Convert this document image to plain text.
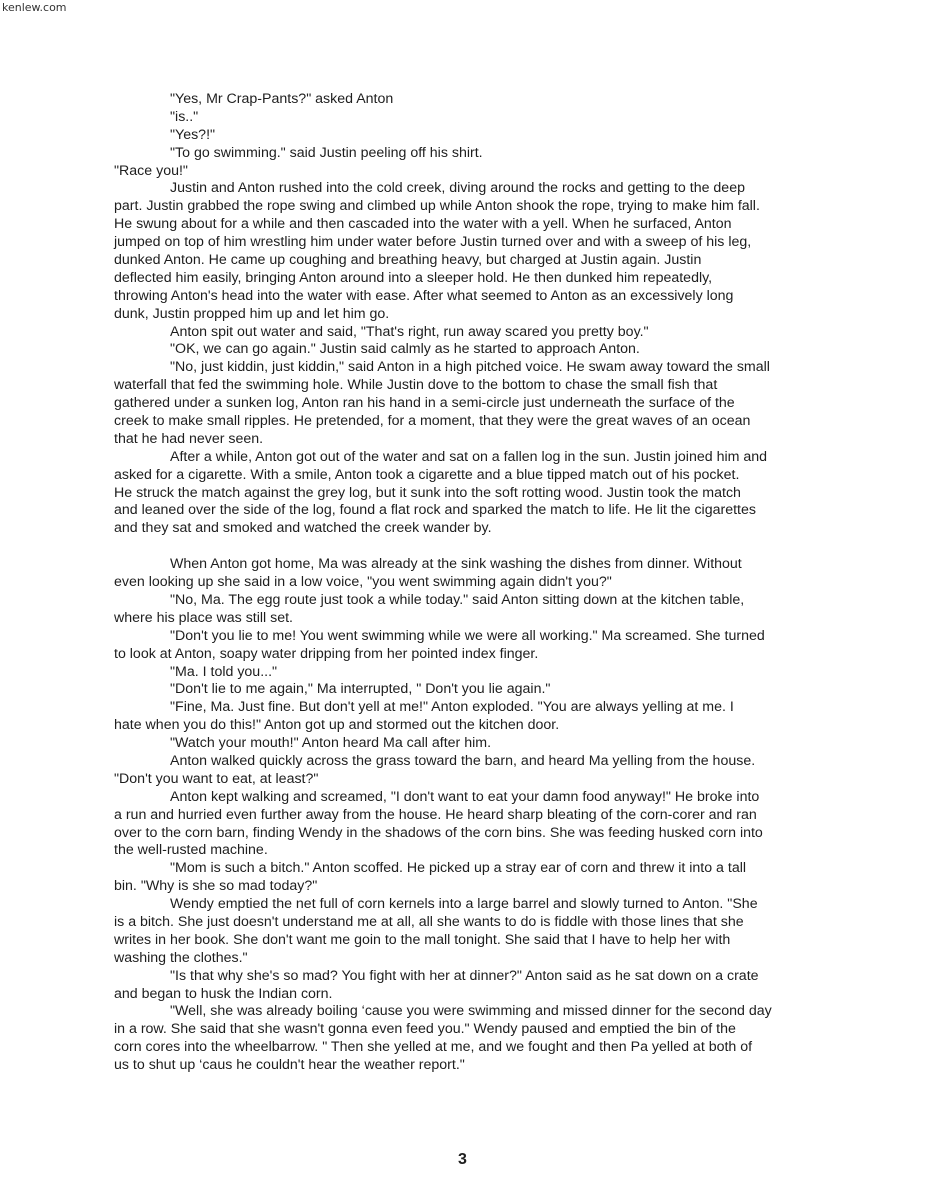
kenlew.com
"Yes, Mr Crap-Pants?" asked Anton
"is.."
"Yes?!"
"To go swimming." said Justin peeling off his shirt.
"Race you!"
Justin and Anton rushed into the cold creek, diving around the rocks and getting to the deep
part. Justin grabbed the rope swing and climbed up while Anton shook the rope, trying to make him fall.
He swung about for a while and then cascaded into the water with a yell. When he surfaced, Anton
jumped on top of him wrestling him under water before Justin turned over and with a sweep of his leg,
dunked Anton. He came up coughing and breathing heavy, but charged at Justin again. Justin
deflected him easily, bringing Anton around into a sleeper hold. He then dunked him repeatedly,
throwing Anton's head into the water with ease. After what seemed to Anton as an excessively long
dunk, Justin propped him up and let him go.
Anton spit out water and said, "That's right, run away scared you pretty boy."
"OK, we can go again." Justin said calmly as he started to approach Anton.
"No, just kiddin, just kiddin," said Anton in a high pitched voice. He swam away toward the small
waterfall that fed the swimming hole. While Justin dove to the bottom to chase the small fish that
gathered under a sunken log, Anton ran his hand in a semi-circle just underneath the surface of the
creek to make small ripples. He pretended, for a moment, that they were the great waves of an ocean
that he had never seen.
After a while, Anton got out of the water and sat on a fallen log in the sun. Justin joined him and
asked for a cigarette. With a smile, Anton took a cigarette and a blue tipped match out of his pocket.
He struck the match against the grey log, but it sunk into the soft rotting wood. Justin took the match
and leaned over the side of the log, found a flat rock and sparked the match to life. He lit the cigarettes
and they sat and smoked and watched the creek wander by.
When Anton got home, Ma was already at the sink washing the dishes from dinner. Without
even looking up she said in a low voice, "you went swimming again didn't you?"
"No, Ma. The egg route just took a while today." said Anton sitting down at the kitchen table,
where his place was still set.
"Don't you lie to me! You went swimming while we were all working." Ma screamed. She turned
to look at Anton, soapy water dripping from her pointed index finger.
"Ma. I told you..."
"Don't lie to me again," Ma interrupted, " Don't you lie again."
"Fine, Ma. Just fine. But don't yell at me!" Anton exploded. "You are always yelling at me. I
hate when you do this!" Anton got up and stormed out the kitchen door.
"Watch your mouth!" Anton heard Ma call after him.
Anton walked quickly across the grass toward the barn, and heard Ma yelling from the house.
"Don't you want to eat, at least?"
Anton kept walking and screamed, "I don't want to eat your damn food anyway!" He broke into
a run and hurried even further away from the house. He heard sharp bleating of the corn-corer and ran
over to the corn barn, finding Wendy in the shadows of the corn bins. She was feeding husked corn into
the well-rusted machine.
"Mom is such a bitch." Anton scoffed. He picked up a stray ear of corn and threw it into a tall
bin. "Why is she so mad today?"
Wendy emptied the net full of corn kernels into a large barrel and slowly turned to Anton. "She
is a bitch. She just doesn't understand me at all, all she wants to do is fiddle with those lines that she
writes in her book. She don't want me goin to the mall tonight. She said that I have to help her with
washing the clothes."
"Is that why she's so mad? You fight with her at dinner?" Anton said as he sat down on a crate
and began to husk the Indian corn.
"Well, she was already boiling ‘cause you were swimming and missed dinner for the second day
in a row. She said that she wasn't gonna even feed you." Wendy paused and emptied the bin of the
corn cores into the wheelbarrow. " Then she yelled at me, and we fought and then Pa yelled at both of
us to shut up ‘caus he couldn't hear the weather report."
3
